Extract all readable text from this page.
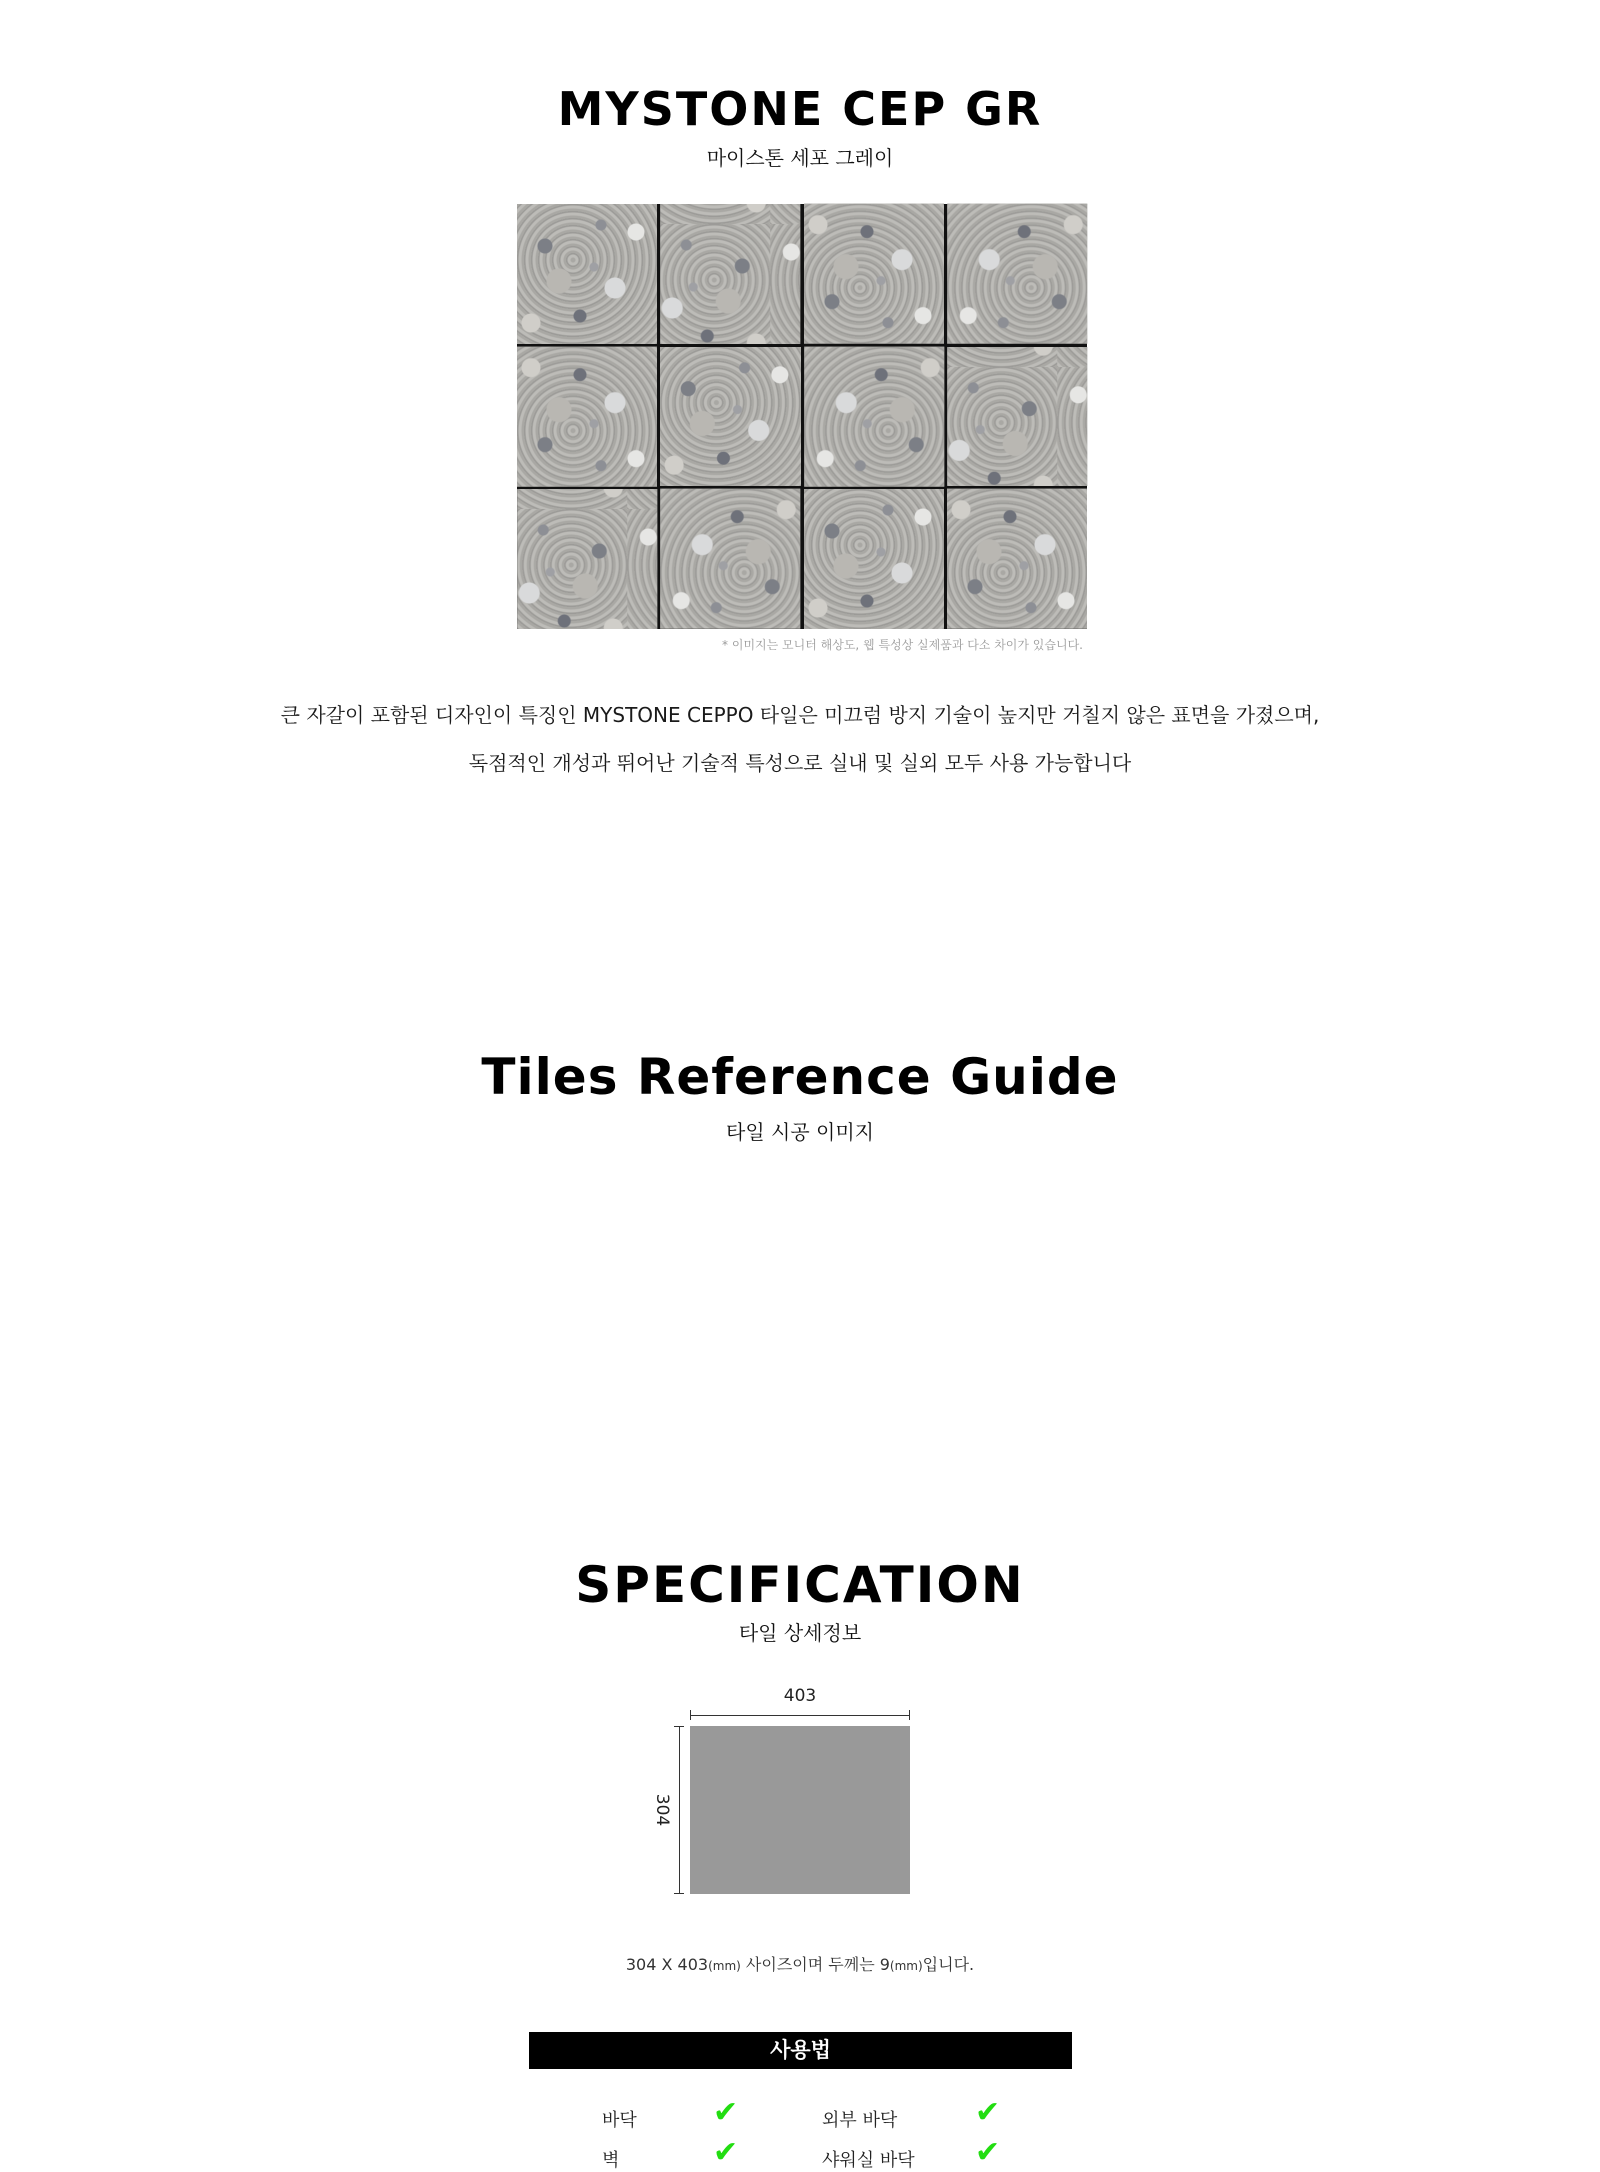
MYSTONE CEP GR
마이스톤 세포 그레이
* 이미지는 모니터 해상도, 웹 특성상 실제품과 다소 차이가 있습니다.
큰 자갈이 포함된 디자인이 특징인 MYSTONE CEPPO 타일은 미끄럼 방지 기술이 높지만 거칠지 않은 표면을 가졌으며,
독점적인 개성과 뛰어난 기술적 특성으로 실내 및 실외 모두 사용 가능합니다
Tiles Reference Guide
타일 시공 이미지
SPECIFICATION
타일 상세정보
403
304
304 X 403(mm) 사이즈이며 두께는 9(mm)입니다.
사용법
바닥	✔	외부 바닥	✔
벽	✔	샤워실 바닥 ✔
